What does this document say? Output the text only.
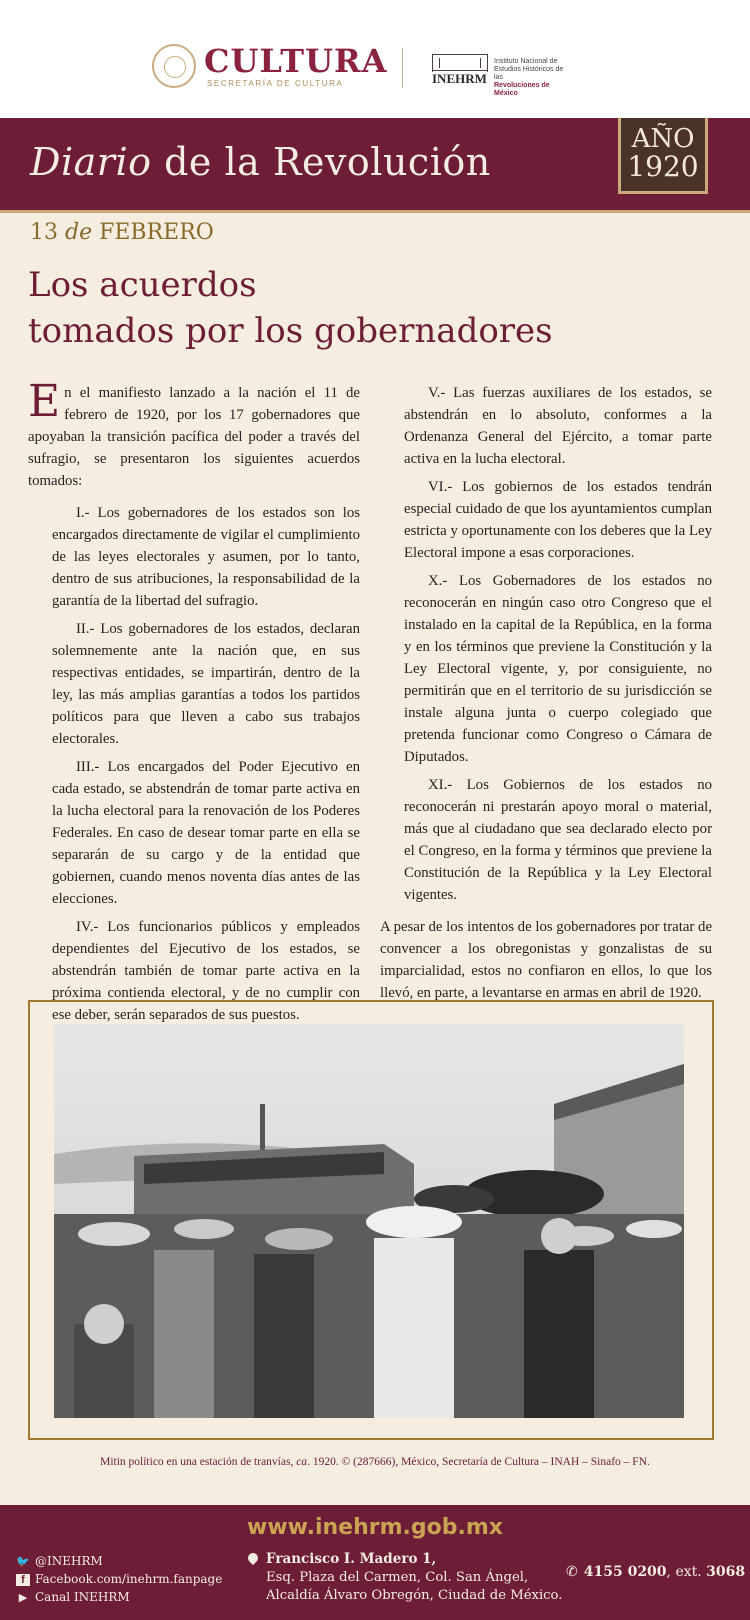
CULTURA
SECRETARÍA DE CULTURA	INEHRM
Instituto Nacional de
Estudios Históricos de las
Revoluciones de México
Diario de la Revolución
AÑO
1920
13 de FEBRERO
Los acuerdos
tomados por los gobernadores

En el manifiesto lanzado a la nación el 11 de febrero de 1920, por los 17 gobernadores que apoyaban la transición pacífica del poder a través del sufragio, se presentaron los siguientes acuerdos tomados:

I.- Los gobernadores de los estados son los encargados directamente de vigilar el cumplimiento de las leyes electorales y asumen, por lo tanto, dentro de sus atribuciones, la responsabilidad de la garantía de la libertad del sufragio.

II.- Los gobernadores de los estados, declaran solemnemente ante la nación que, en sus respectivas entidades, se impartirán, dentro de la ley, las más amplias garantías a todos los partidos políticos para que lleven a cabo sus trabajos electorales.

III.- Los encargados del Poder Ejecutivo en cada estado, se abstendrán de tomar parte activa en la lucha electoral para la renovación de los Poderes Federales. En caso de desear tomar parte en ella se separarán de su cargo y de la entidad que gobiernen, cuando menos noventa días antes de las elecciones.

IV.- Los funcionarios públicos y empleados dependientes del Ejecutivo de los estados, se abstendrán también de tomar parte activa en la próxima contienda electoral, y de no cumplir con ese deber, serán separados de sus puestos.

V.- Las fuerzas auxiliares de los estados, se abstendrán en lo absoluto, conformes a la Ordenanza General del Ejército, a tomar parte activa en la lucha electoral.

VI.- Los gobiernos de los estados tendrán especial cuidado de que los ayuntamientos cumplan estricta y oportunamente con los deberes que la Ley Electoral impone a esas corporaciones.

X.- Los Gobernadores de los estados no reconocerán en ningún caso otro Congreso que el instalado en la capital de la República, en la forma y en los términos que previene la Constitución y la Ley Electoral vigente, y, por consiguiente, no permitirán que en el territorio de su jurisdicción se instale alguna junta o cuerpo colegiado que pretenda funcionar como Congreso o Cámara de Diputados.

XI.- Los Gobiernos de los estados no reconocerán ni prestarán apoyo moral o material, más que al ciudadano que sea declarado electo por el Congreso, en la forma y términos que previene la Constitución de la República y la Ley Electoral vigentes.

A pesar de los intentos de los gobernadores por tratar de convencer a los obregonistas y gonzalistas de su imparcialidad, estos no confiaron en ellos, lo que los llevó, en parte, a levantarse en armas en abril de 1920.

Mitin político en una estación de tranvías, ca. 1920. © (287666), México, Secretaría de Cultura – INAH – Sinafo – FN.
www.inehrm.gob.mx
🐦 @INEHRM
f Facebook.com/inehrm.fanpage
▶ Canal INEHRM
Francisco I. Madero 1,
Esq. Plaza del Carmen, Col. San Ángel,
Alcaldía Álvaro Obregón, Ciudad de México.
✆ 4155 0200, ext. 3068
